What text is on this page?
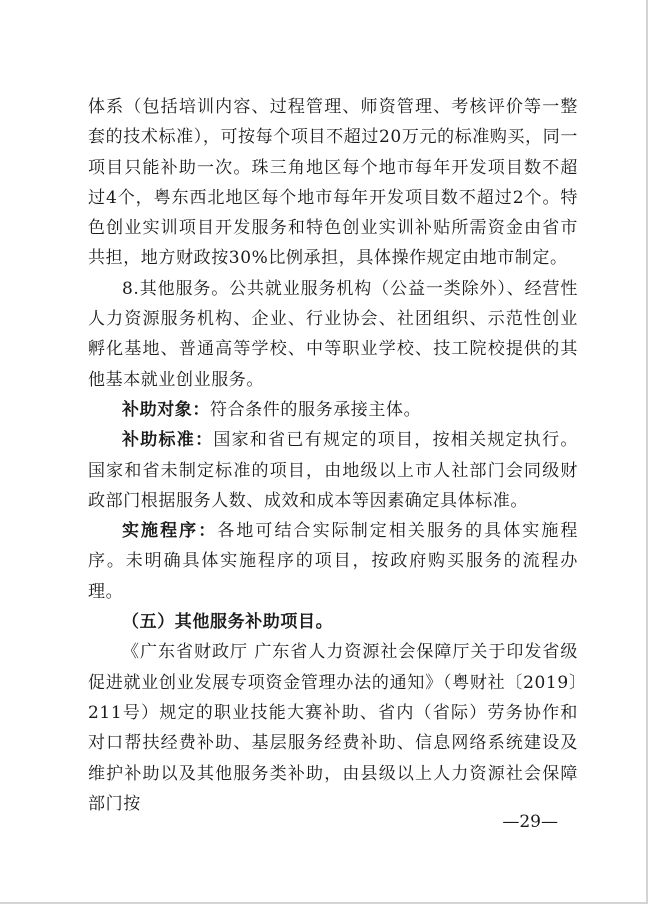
体系（包括培训内容、过程管理、师资管理、考核评价等一整套的技术标准），可按每个项目不超过20万元的标准购买，同一项目只能补助一次。珠三角地区每个地市每年开发项目数不超过4个，粤东西北地区每个地市每年开发项目数不超过2个。特色创业实训项目开发服务和特色创业实训补贴所需资金由省市共担，地方财政按30%比例承担，具体操作规定由地市制定。

8.其他服务。公共就业服务机构（公益一类除外）、经营性人力资源服务机构、企业、行业协会、社团组织、示范性创业孵化基地、普通高等学校、中等职业学校、技工院校提供的其他基本就业创业服务。

补助对象：符合条件的服务承接主体。

补助标准：国家和省已有规定的项目，按相关规定执行。国家和省未制定标准的项目，由地级以上市人社部门会同级财政部门根据服务人数、成效和成本等因素确定具体标准。

实施程序：各地可结合实际制定相关服务的具体实施程序。未明确具体实施程序的项目，按政府购买服务的流程办理。

（五）其他服务补助项目。

《广东省财政厅 广东省人力资源社会保障厅关于印发省级促进就业创业发展专项资金管理办法的通知》（粤财社〔2019〕211号）规定的职业技能大赛补助、省内（省际）劳务协作和对口帮扶经费补助、基层服务经费补助、信息网络系统建设及维护补助以及其他服务类补助，由县级以上人力资源社会保障部门按

—29—
